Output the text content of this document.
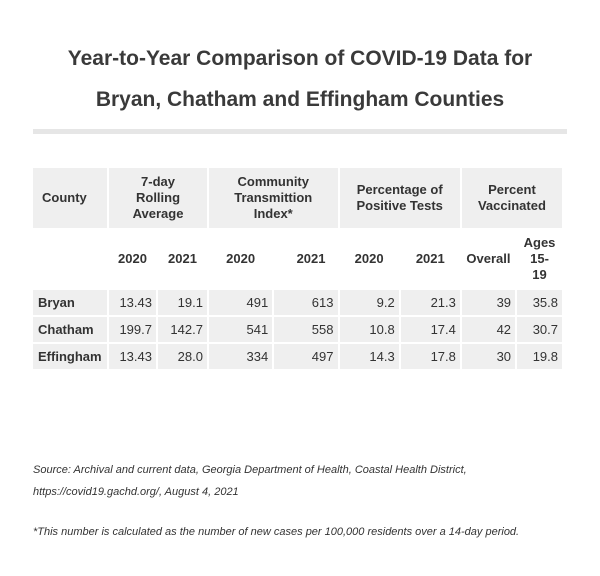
Year-to-Year Comparison of COVID-19 Data for
Bryan, Chatham and Effingham Counties
County	7-day Rolling Average		Community Transmittion Index*		Percentage of Positive Tests		Percent Vaccinated	
	2020	2021	2020	2021	2020	2021	Overall	Ages 15-19
Bryan	13.43	19.1	491	613	9.2	21.3	39	35.8
Chatham	199.7	142.7	541	558	10.8	17.4	42	30.7
Effingham	13.43	28.0	334	497	14.3	17.8	30	19.8
Source: Archival and current data, Georgia Department of Health, Coastal Health District,
https://covid19.gachd.org/, August 4, 2021
*This number is calculated as the number of new cases per 100,000 residents over a 14-day period.
